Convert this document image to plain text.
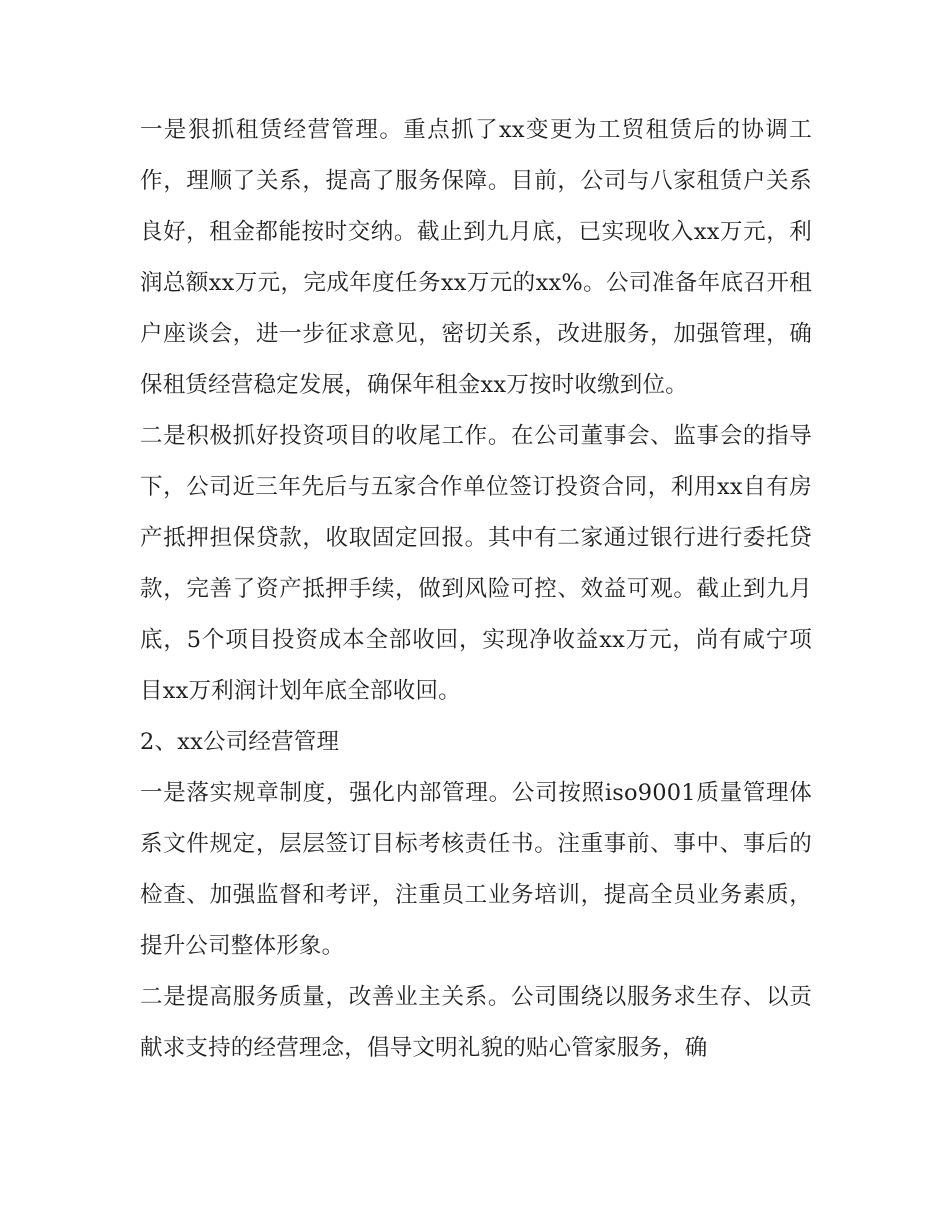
一是狠抓租赁经营管理。重点抓了xx变更为工贸租赁后的协调工作，理顺了关系，提高了服务保障。目前，公司与八家租赁户关系良好，租金都能按时交纳。截止到九月底，已实现收入xx万元，利润总额xx万元，完成年度任务xx万元的xx%。公司准备年底召开租户座谈会，进一步征求意见，密切关系，改进服务，加强管理，确保租赁经营稳定发展，确保年租金xx万按时收缴到位。

二是积极抓好投资项目的收尾工作。在公司董事会、监事会的指导下，公司近三年先后与五家合作单位签订投资合同，利用xx自有房产抵押担保贷款，收取固定回报。其中有二家通过银行进行委托贷款，完善了资产抵押手续，做到风险可控、效益可观。截止到九月底，5个项目投资成本全部收回，实现净收益xx万元，尚有咸宁项目xx万利润计划年底全部收回。

2、xx公司经营管理

一是落实规章制度，强化内部管理。公司按照iso9001质量管理体系文件规定，层层签订目标考核责任书。注重事前、事中、事后的检查、加强监督和考评，注重员工业务培训，提高全员业务素质，提升公司整体形象。

二是提高服务质量，改善业主关系。公司围绕以服务求生存、以贡献求支持的经营理念，倡导文明礼貌的贴心管家服务，确
